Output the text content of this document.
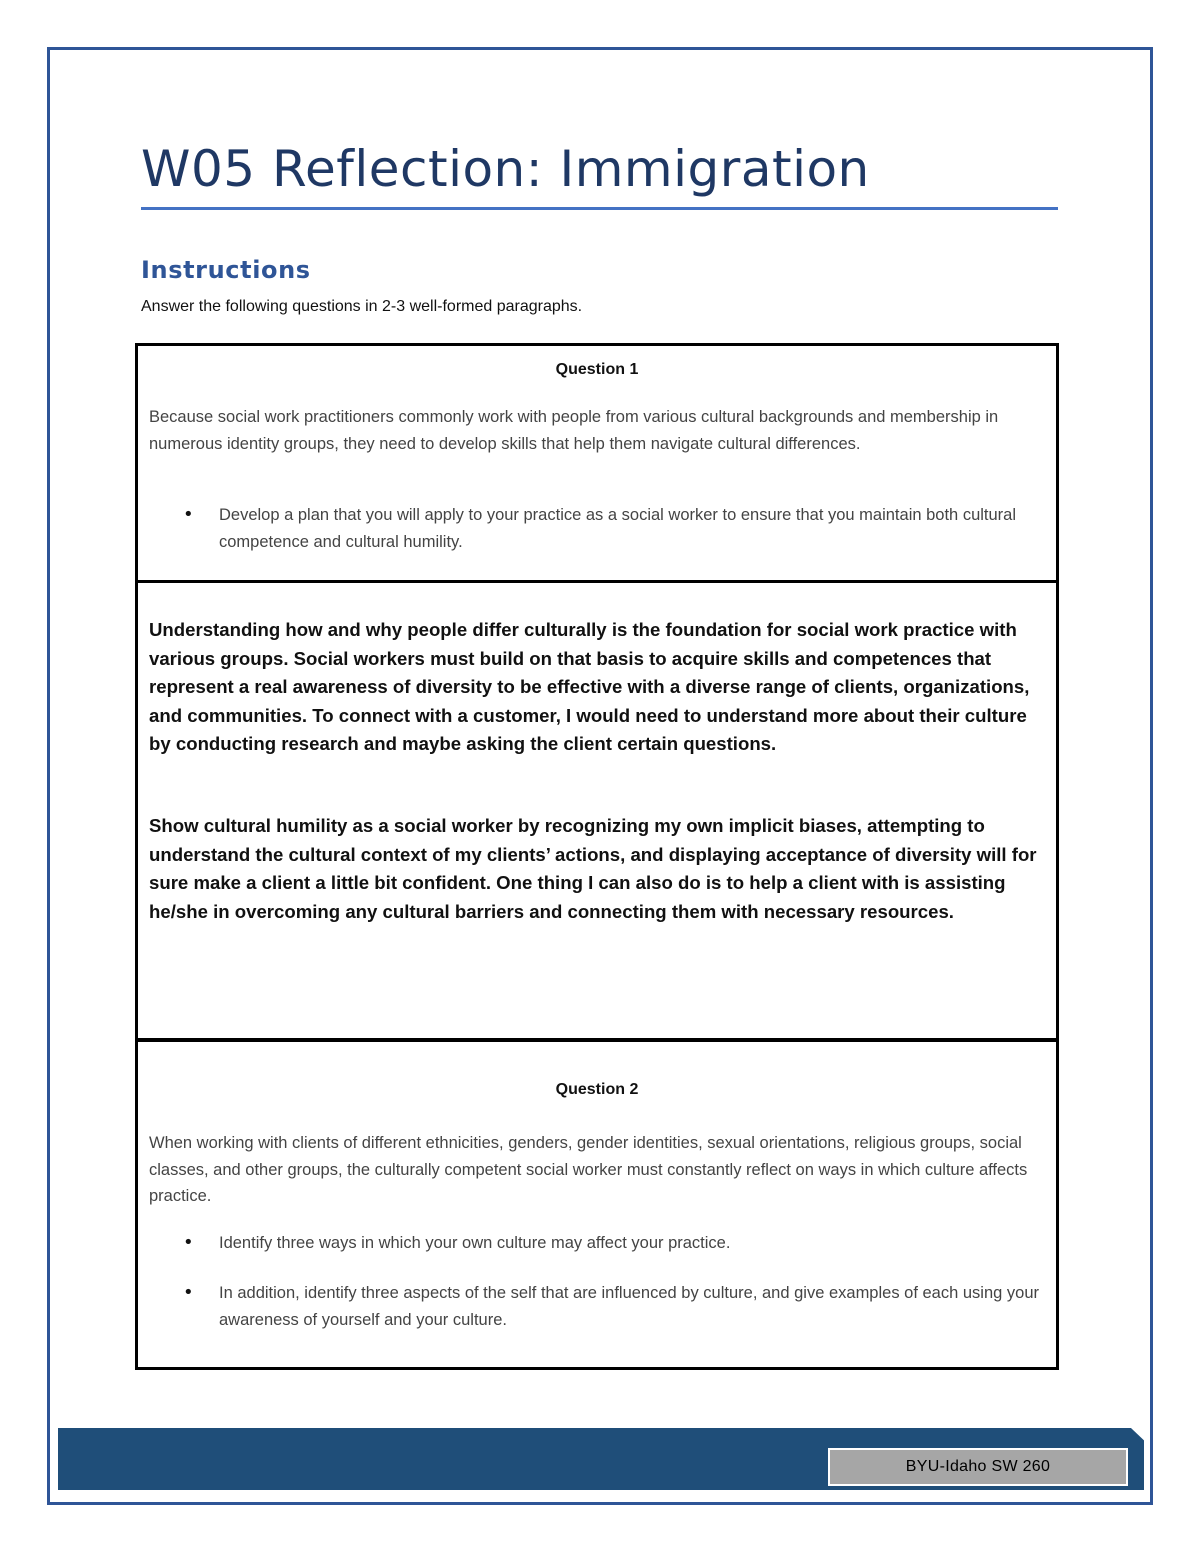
W05 Reflection: Immigration
Instructions

Answer the following questions in 2-3 well-formed paragraphs.

Question 1

Because social work practitioners commonly work with people from various cultural backgrounds and membership in numerous identity groups, they need to develop skills that help them navigate cultural differences.

• Develop a plan that you will apply to your practice as a social worker to ensure that you maintain both cultural competence and cultural humility.

Understanding how and why people differ culturally is the foundation for social work practice with various groups. Social workers must build on that basis to acquire skills and competences that represent a real awareness of diversity to be effective with a diverse range of clients, organizations, and communities. To connect with a customer, I would need to understand more about their culture by conducting research and maybe asking the client certain questions.

Show cultural humility as a social worker by recognizing my own implicit biases, attempting to understand the cultural context of my clients’ actions, and displaying acceptance of diversity will for sure make a client a little bit confident. One thing I can also do is to help a client with is assisting he/she in overcoming any cultural barriers and connecting them with necessary resources.

Question 2

When working with clients of different ethnicities, genders, gender identities, sexual orientations, religious groups, social classes, and other groups, the culturally competent social worker must constantly reflect on ways in which culture affects practice.

• Identify three ways in which your own culture may affect your practice.

• In addition, identify three aspects of the self that are influenced by culture, and give examples of each using your awareness of yourself and your culture.

BYU-Idaho SW 260
